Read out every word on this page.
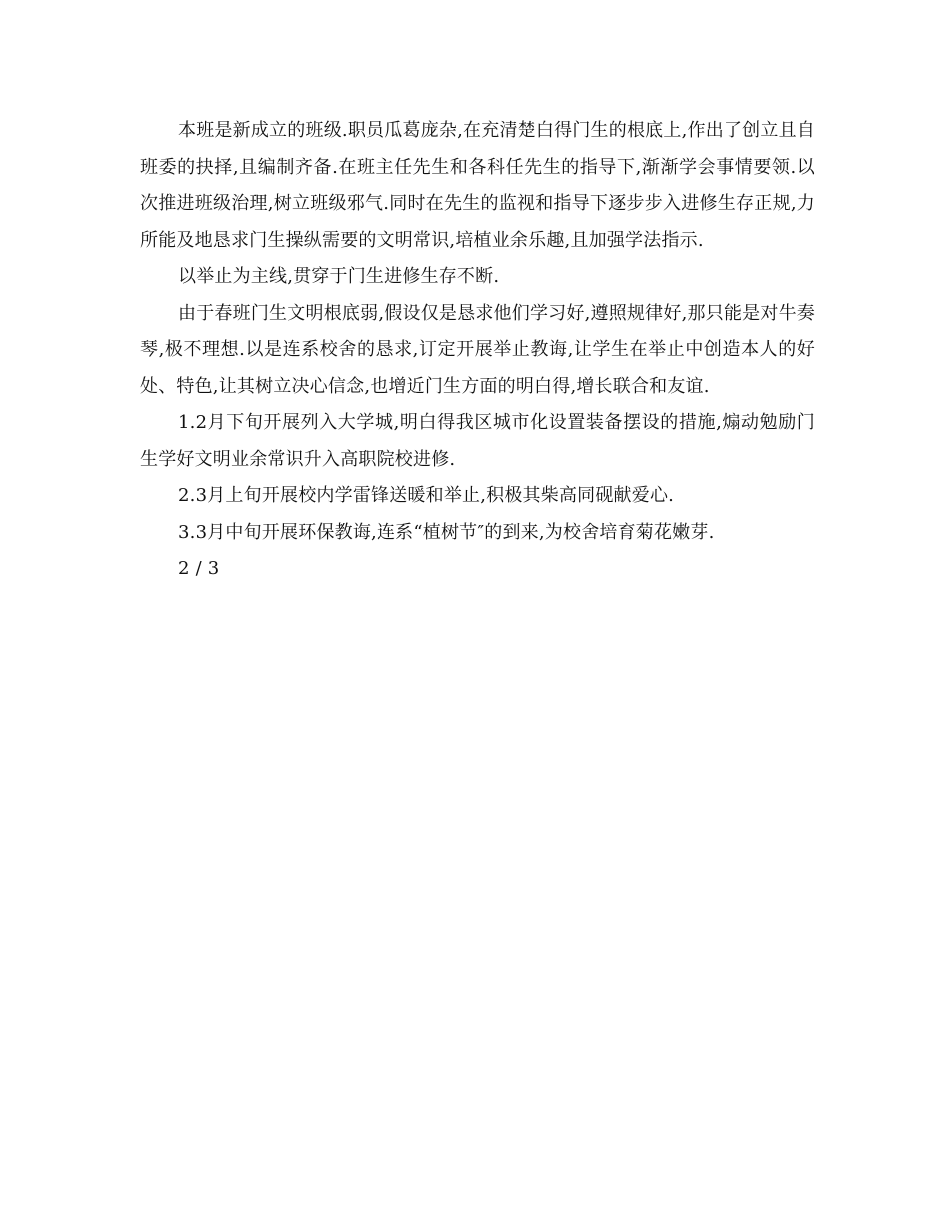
本班是新成立的班级.职员瓜葛庞杂,在充清楚白得门生的根底上,作出了创立且自班委的抉择,且编制齐备.在班主任先生和各科任先生的指导下,渐渐学会事情要领.以次推进班级治理,树立班级邪气.同时在先生的监视和指导下逐步步入进修生存正规,力所能及地恳求门生操纵需要的文明常识,培植业余乐趣,且加强学法指示.

以举止为主线,贯穿于门生进修生存不断.

由于春班门生文明根底弱,假设仅是恳求他们学习好,遵照规律好,那只能是对牛奏琴,极不理想.以是连系校舍的恳求,订定开展举止教诲,让学生在举止中创造本人的好处、特色,让其树立决心信念,也增近门生方面的明白得,增长联合和友谊.

1.2月下旬开展列入大学城,明白得我区城市化设置装备摆设的措施,煽动勉励门生学好文明业余常识升入高职院校进修.

2.3月上旬开展校内学雷锋送暖和举止,积极其柴高同砚献爱心.

3.3月中旬开展环保教诲,连系“植树节″的到来,为校舍培育菊花嫩芽.

2 / 3
